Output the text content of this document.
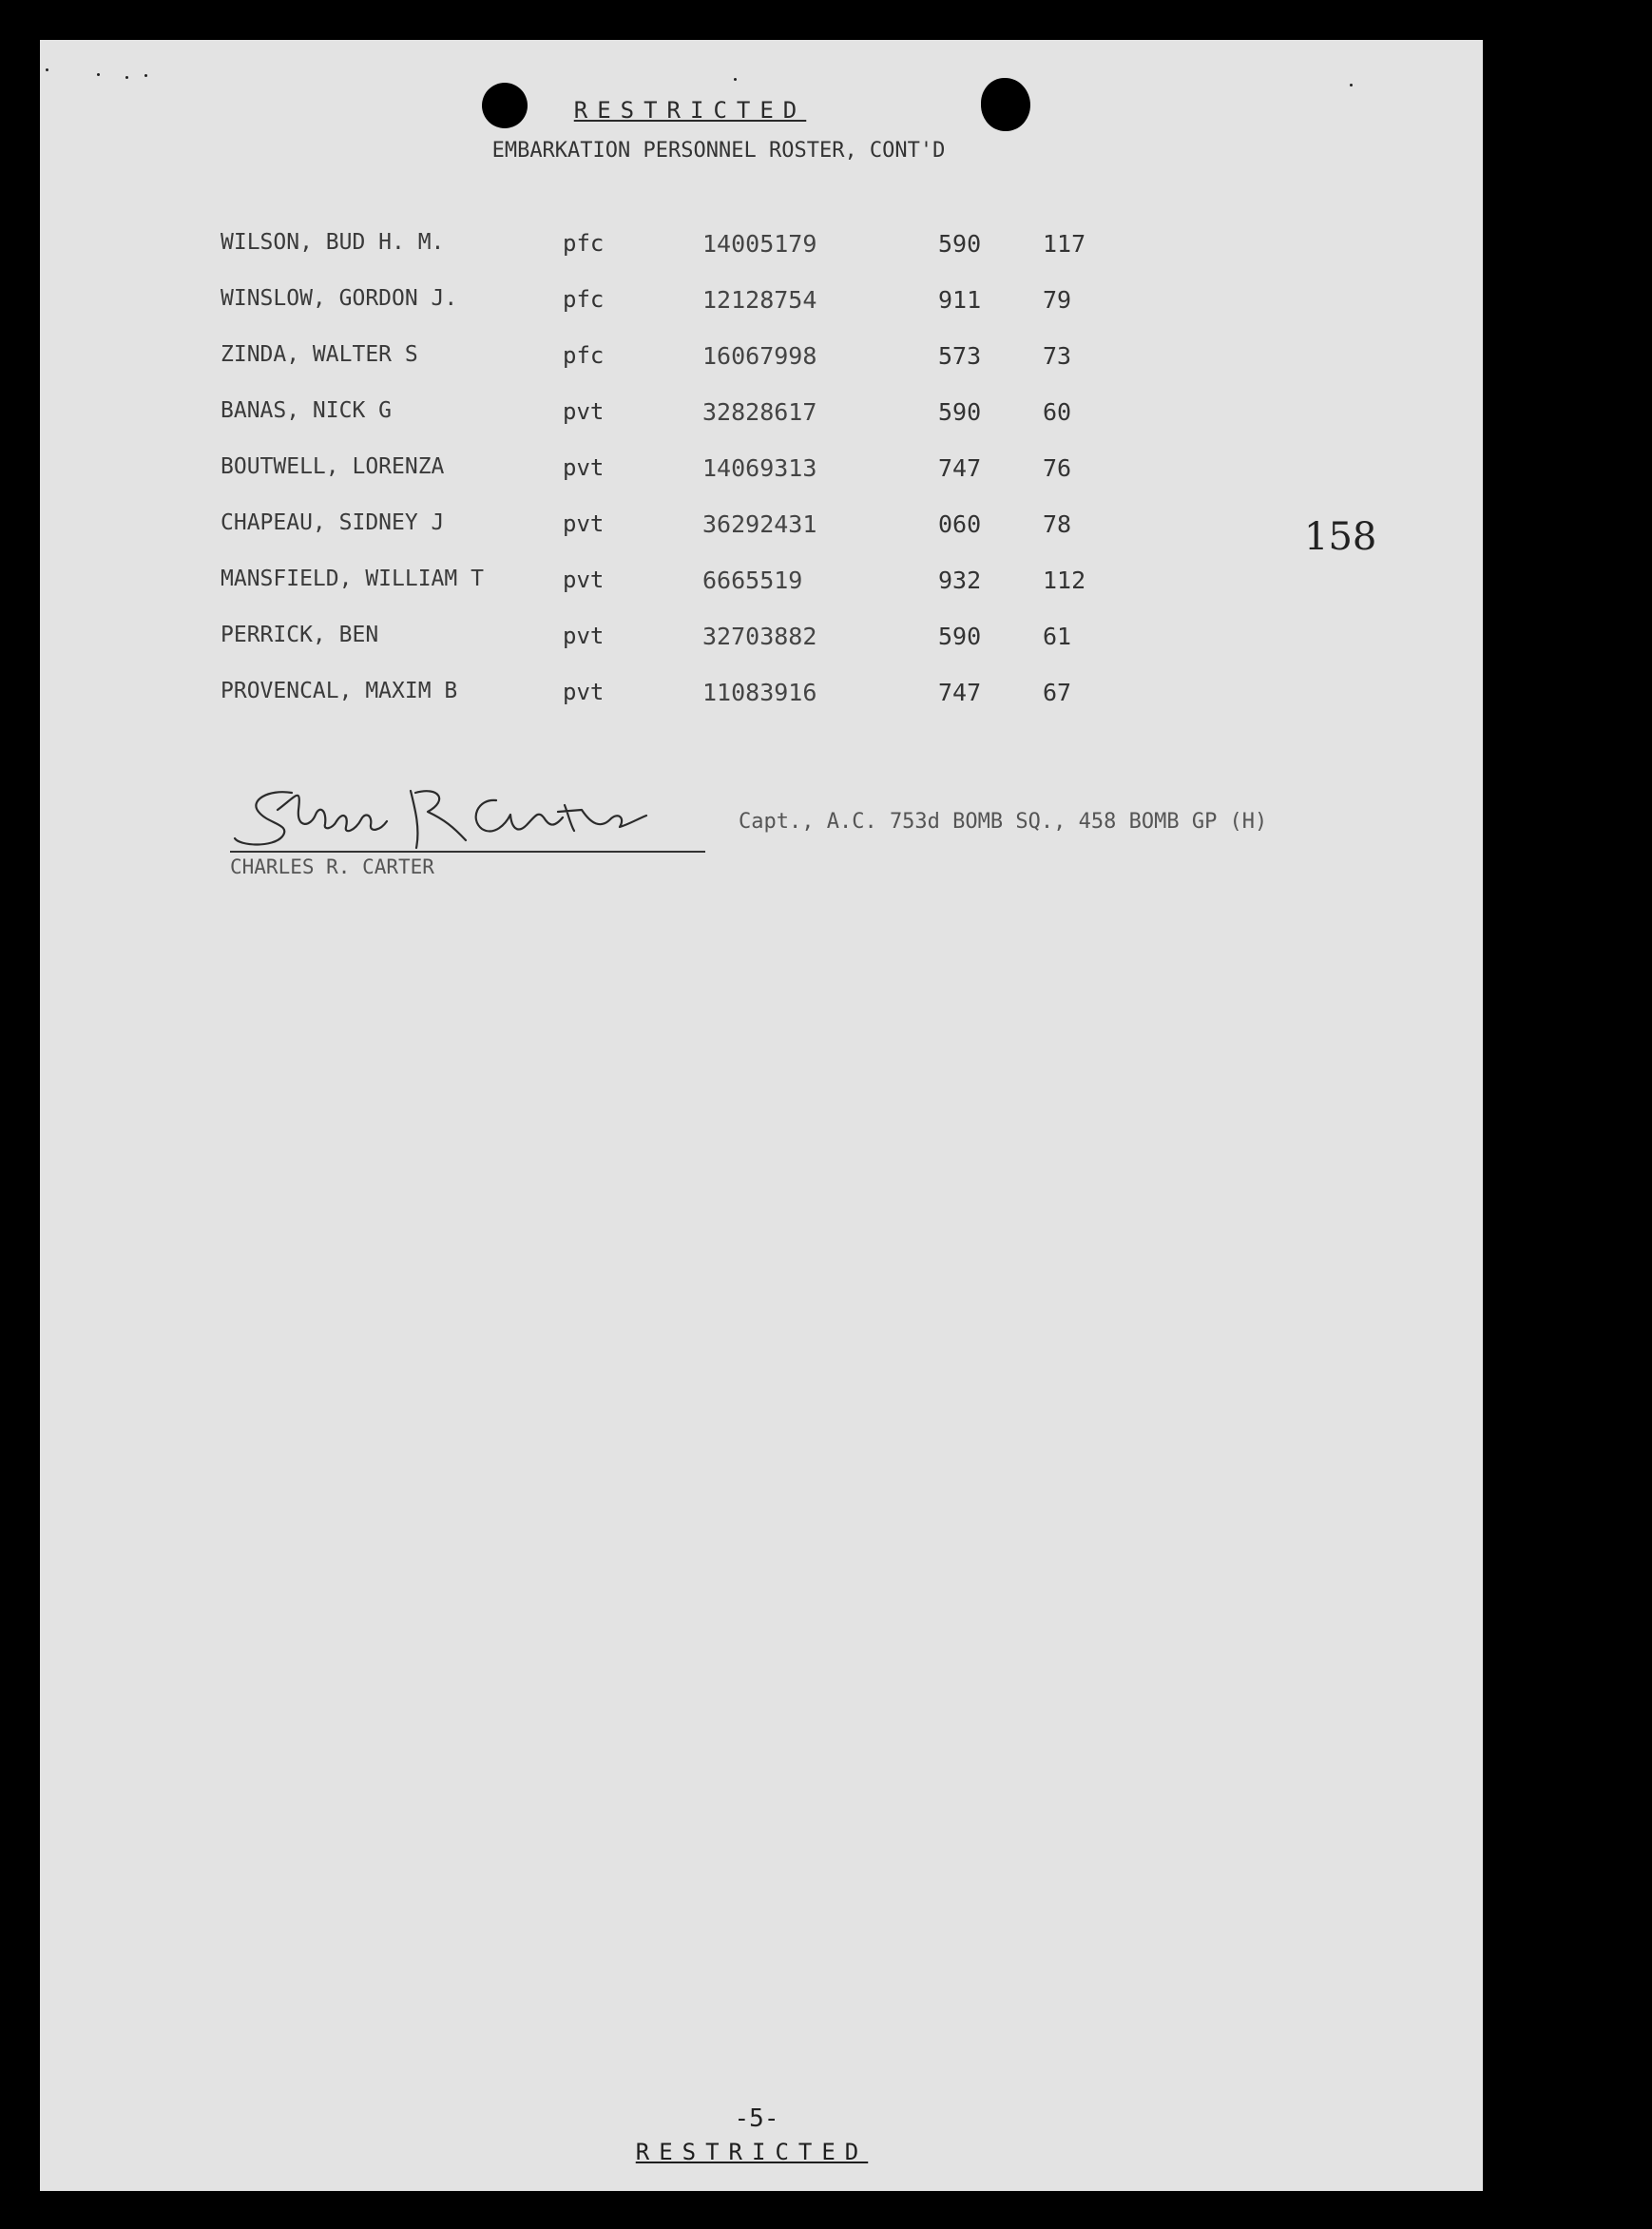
RESTRICTED
EMBARKATION PERSONNEL ROSTER, CONT'D
WILSON, BUD H. M.	pfc	14005179	590	117
WINSLOW, GORDON J.	pfc	12128754	911	79
ZINDA, WALTER S	pfc	16067998	573	73
BANAS, NICK G	pvt	32828617	590	60
BOUTWELL, LORENZA	pvt	14069313	747	76
CHAPEAU, SIDNEY J	pvt	36292431	060	78
MANSFIELD, WILLIAM T	pvt	6665519	932	112
PERRICK, BEN	pvt	32703882	590	61
PROVENCAL, MAXIM B	pvt	11083916	747	67
158
CHARLES R. CARTER
Capt., A.C. 753d BOMB SQ., 458 BOMB GP (H)
-5-
RESTRICTED
